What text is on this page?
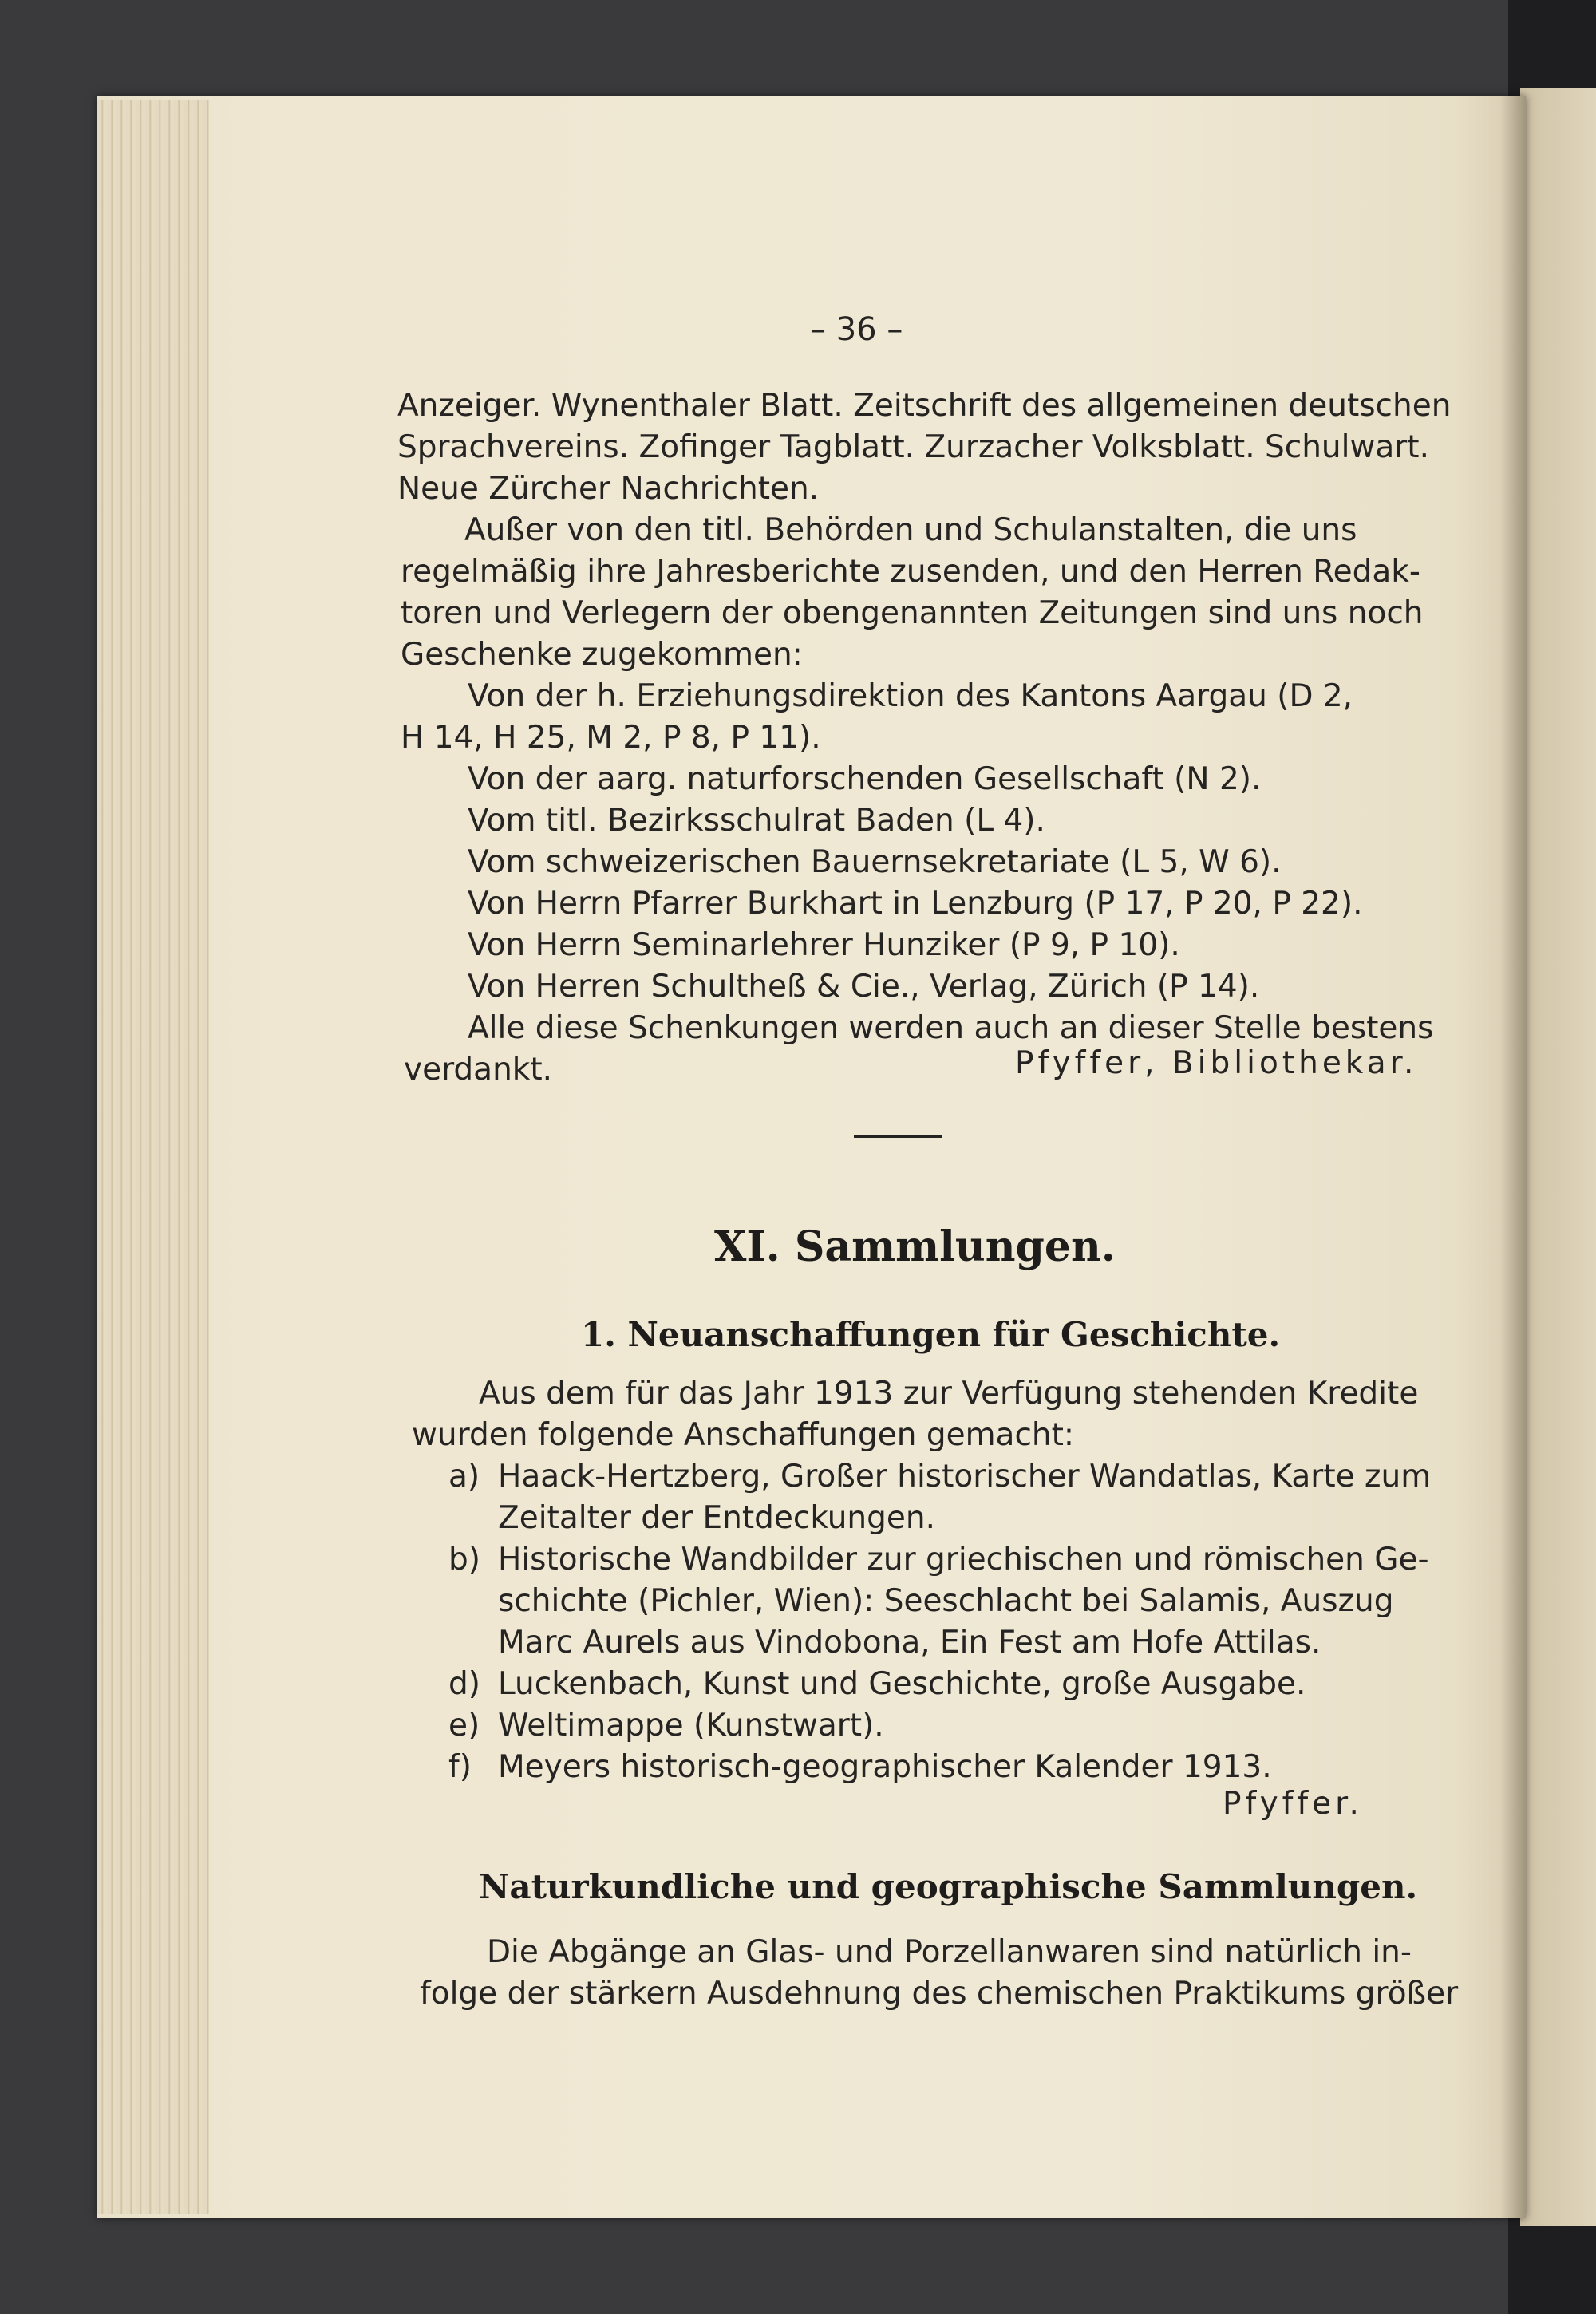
– 36 –
Anzeiger. Wynenthaler Blatt. Zeitschrift des allgemeinen deutschen
Sprachvereins. Zofinger Tagblatt. Zurzacher Volksblatt. Schulwart.
Neue Zürcher Nachrichten.
Außer von den titl. Behörden und Schulanstalten, die uns
regelmäßig ihre Jahresberichte zusenden, und den Herren Redak-
toren und Verlegern der obengenannten Zeitungen sind uns noch
Geschenke zugekommen:
Von der h. Erziehungsdirektion des Kantons Aargau (D 2,
H 14, H 25, M 2, P 8, P 11).
Von der aarg. naturforschenden Gesellschaft (N 2).
Vom titl. Bezirksschulrat Baden (L 4).
Vom schweizerischen Bauernsekretariate (L 5, W 6).
Von Herrn Pfarrer Burkhart in Lenzburg (P 17, P 20, P 22).
Von Herrn Seminarlehrer Hunziker (P 9, P 10).
Von Herren Schultheß & Cie., Verlag, Zürich (P 14).
Alle diese Schenkungen werden auch an dieser Stelle bestens
verdankt.	Pfyffer, Bibliothekar.
XI. Sammlungen.
1. Neuanschaffungen für Geschichte.
Aus dem für das Jahr 1913 zur Verfügung stehenden Kredite
wurden folgende Anschaffungen gemacht:
a) Haack-Hertzberg, Großer historischer Wandatlas, Karte zum
Zeitalter der Entdeckungen.
b) Historische Wandbilder zur griechischen und römischen Ge-
schichte (Pichler, Wien): Seeschlacht bei Salamis, Auszug
Marc Aurels aus Vindobona, Ein Fest am Hofe Attilas.
d) Luckenbach, Kunst und Geschichte, große Ausgabe.
e) Weltimappe (Kunstwart).
f) Meyers historisch-geographischer Kalender 1913.
Pfyffer.
Naturkundliche und geographische Sammlungen.
Die Abgänge an Glas- und Porzellanwaren sind natürlich in-
folge der stärkern Ausdehnung des chemischen Praktikums größer
